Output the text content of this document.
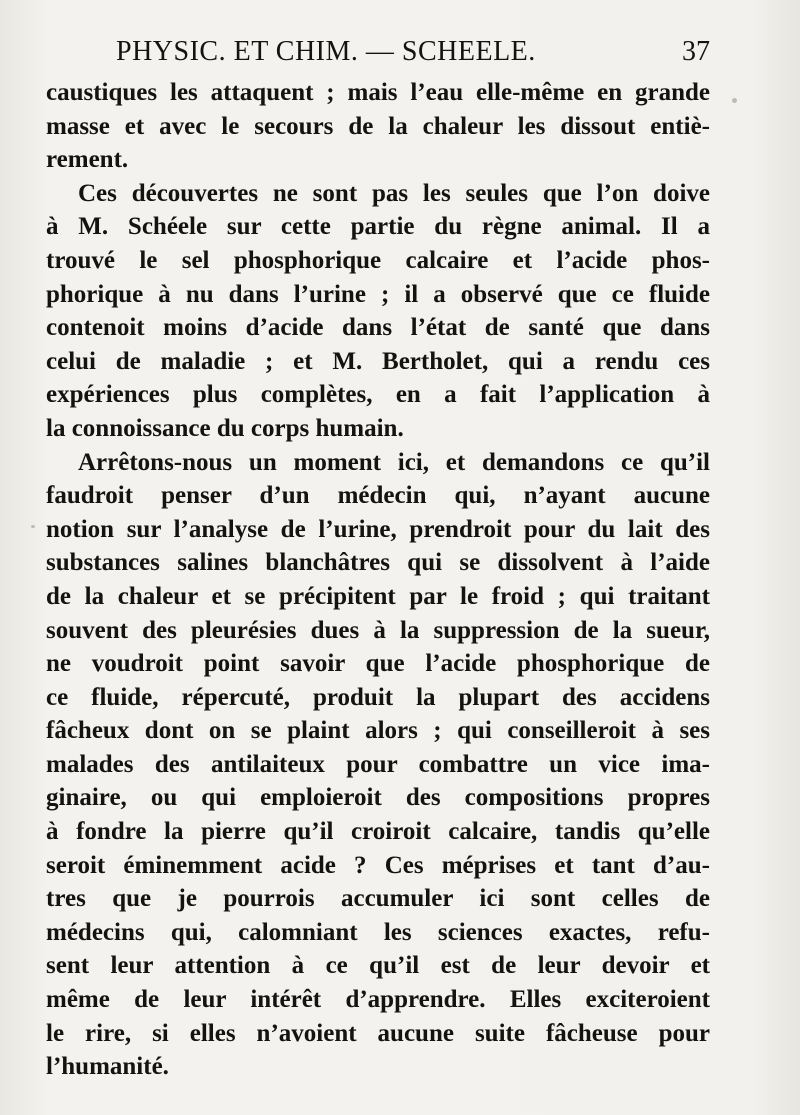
PHYSIC. ET CHIM. — SCHEELE.	37
caustiques les attaquent ; mais l’eau elle-même en grande
masse et avec le secours de la chaleur les dissout entiè-
rement.
Ces découvertes ne sont pas les seules que l’on doive
à M. Schéele sur cette partie du règne animal. Il a
trouvé le sel phosphorique calcaire et l’acide phos-
phorique à nu dans l’urine ; il a observé que ce fluide
contenoit moins d’acide dans l’état de santé que dans
celui de maladie ; et M. Bertholet, qui a rendu ces
expériences plus complètes, en a fait l’application à
la connoissance du corps humain.
Arrêtons-nous un moment ici, et demandons ce qu’il
faudroit penser d’un médecin qui, n’ayant aucune
notion sur l’analyse de l’urine, prendroit pour du lait des
substances salines blanchâtres qui se dissolvent à l’aide
de la chaleur et se précipitent par le froid ; qui traitant
souvent des pleurésies dues à la suppression de la sueur,
ne voudroit point savoir que l’acide phosphorique de
ce fluide, répercuté, produit la plupart des accidens
fâcheux dont on se plaint alors ; qui conseilleroit à ses
malades des antilaiteux pour combattre un vice ima-
ginaire, ou qui emploieroit des compositions propres
à fondre la pierre qu’il croiroit calcaire, tandis qu’elle
seroit éminemment acide ? Ces méprises et tant d’au-
tres que je pourrois accumuler ici sont celles de
médecins qui, calomniant les sciences exactes, refu-
sent leur attention à ce qu’il est de leur devoir et
même de leur intérêt d’apprendre. Elles exciteroient
le rire, si elles n’avoient aucune suite fâcheuse pour
l’humanité.
